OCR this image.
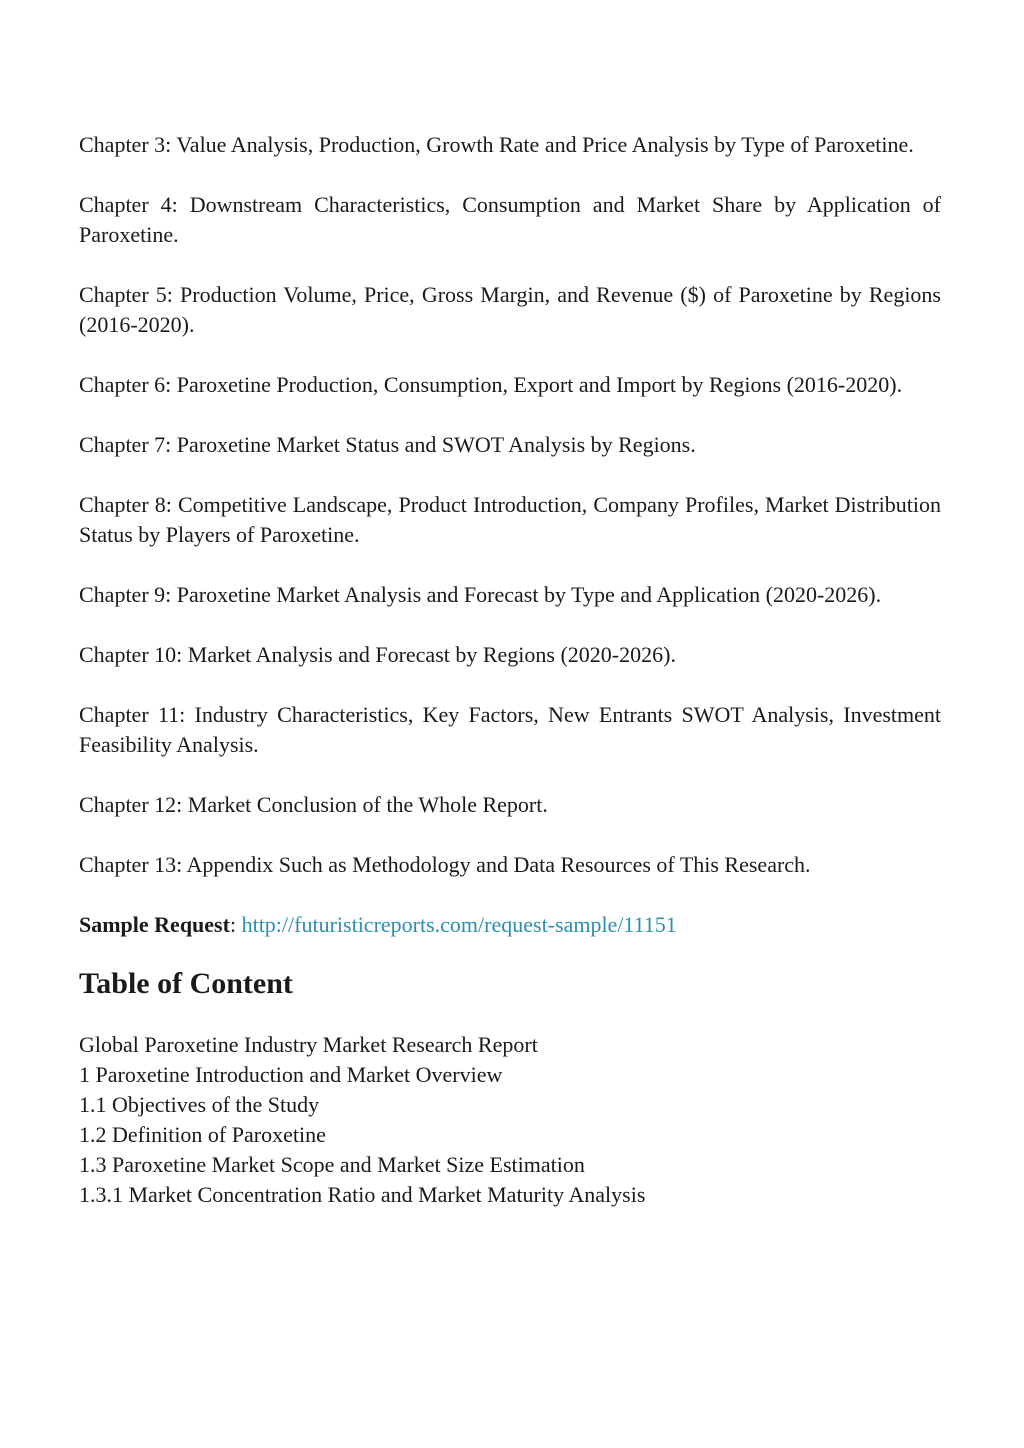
Chapter 3: Value Analysis, Production, Growth Rate and Price Analysis by Type of Paroxetine.

Chapter 4: Downstream Characteristics, Consumption and Market Share by Application of Paroxetine.

Chapter 5: Production Volume, Price, Gross Margin, and Revenue ($) of Paroxetine by Regions (2016-2020).

Chapter 6: Paroxetine Production, Consumption, Export and Import by Regions (2016-2020).

Chapter 7: Paroxetine Market Status and SWOT Analysis by Regions.

Chapter 8: Competitive Landscape, Product Introduction, Company Profiles, Market Distribution Status by Players of Paroxetine.

Chapter 9: Paroxetine Market Analysis and Forecast by Type and Application (2020-2026).

Chapter 10: Market Analysis and Forecast by Regions (2020-2026).

Chapter 11: Industry Characteristics, Key Factors, New Entrants SWOT Analysis, Investment Feasibility Analysis.

Chapter 12: Market Conclusion of the Whole Report.

Chapter 13: Appendix Such as Methodology and Data Resources of This Research.

Sample Request: http://futuristicreports.com/request-sample/11151

Table of Content
Global Paroxetine Industry Market Research Report
1 Paroxetine Introduction and Market Overview
1.1 Objectives of the Study
1.2 Definition of Paroxetine
1.3 Paroxetine Market Scope and Market Size Estimation
1.3.1 Market Concentration Ratio and Market Maturity Analysis
